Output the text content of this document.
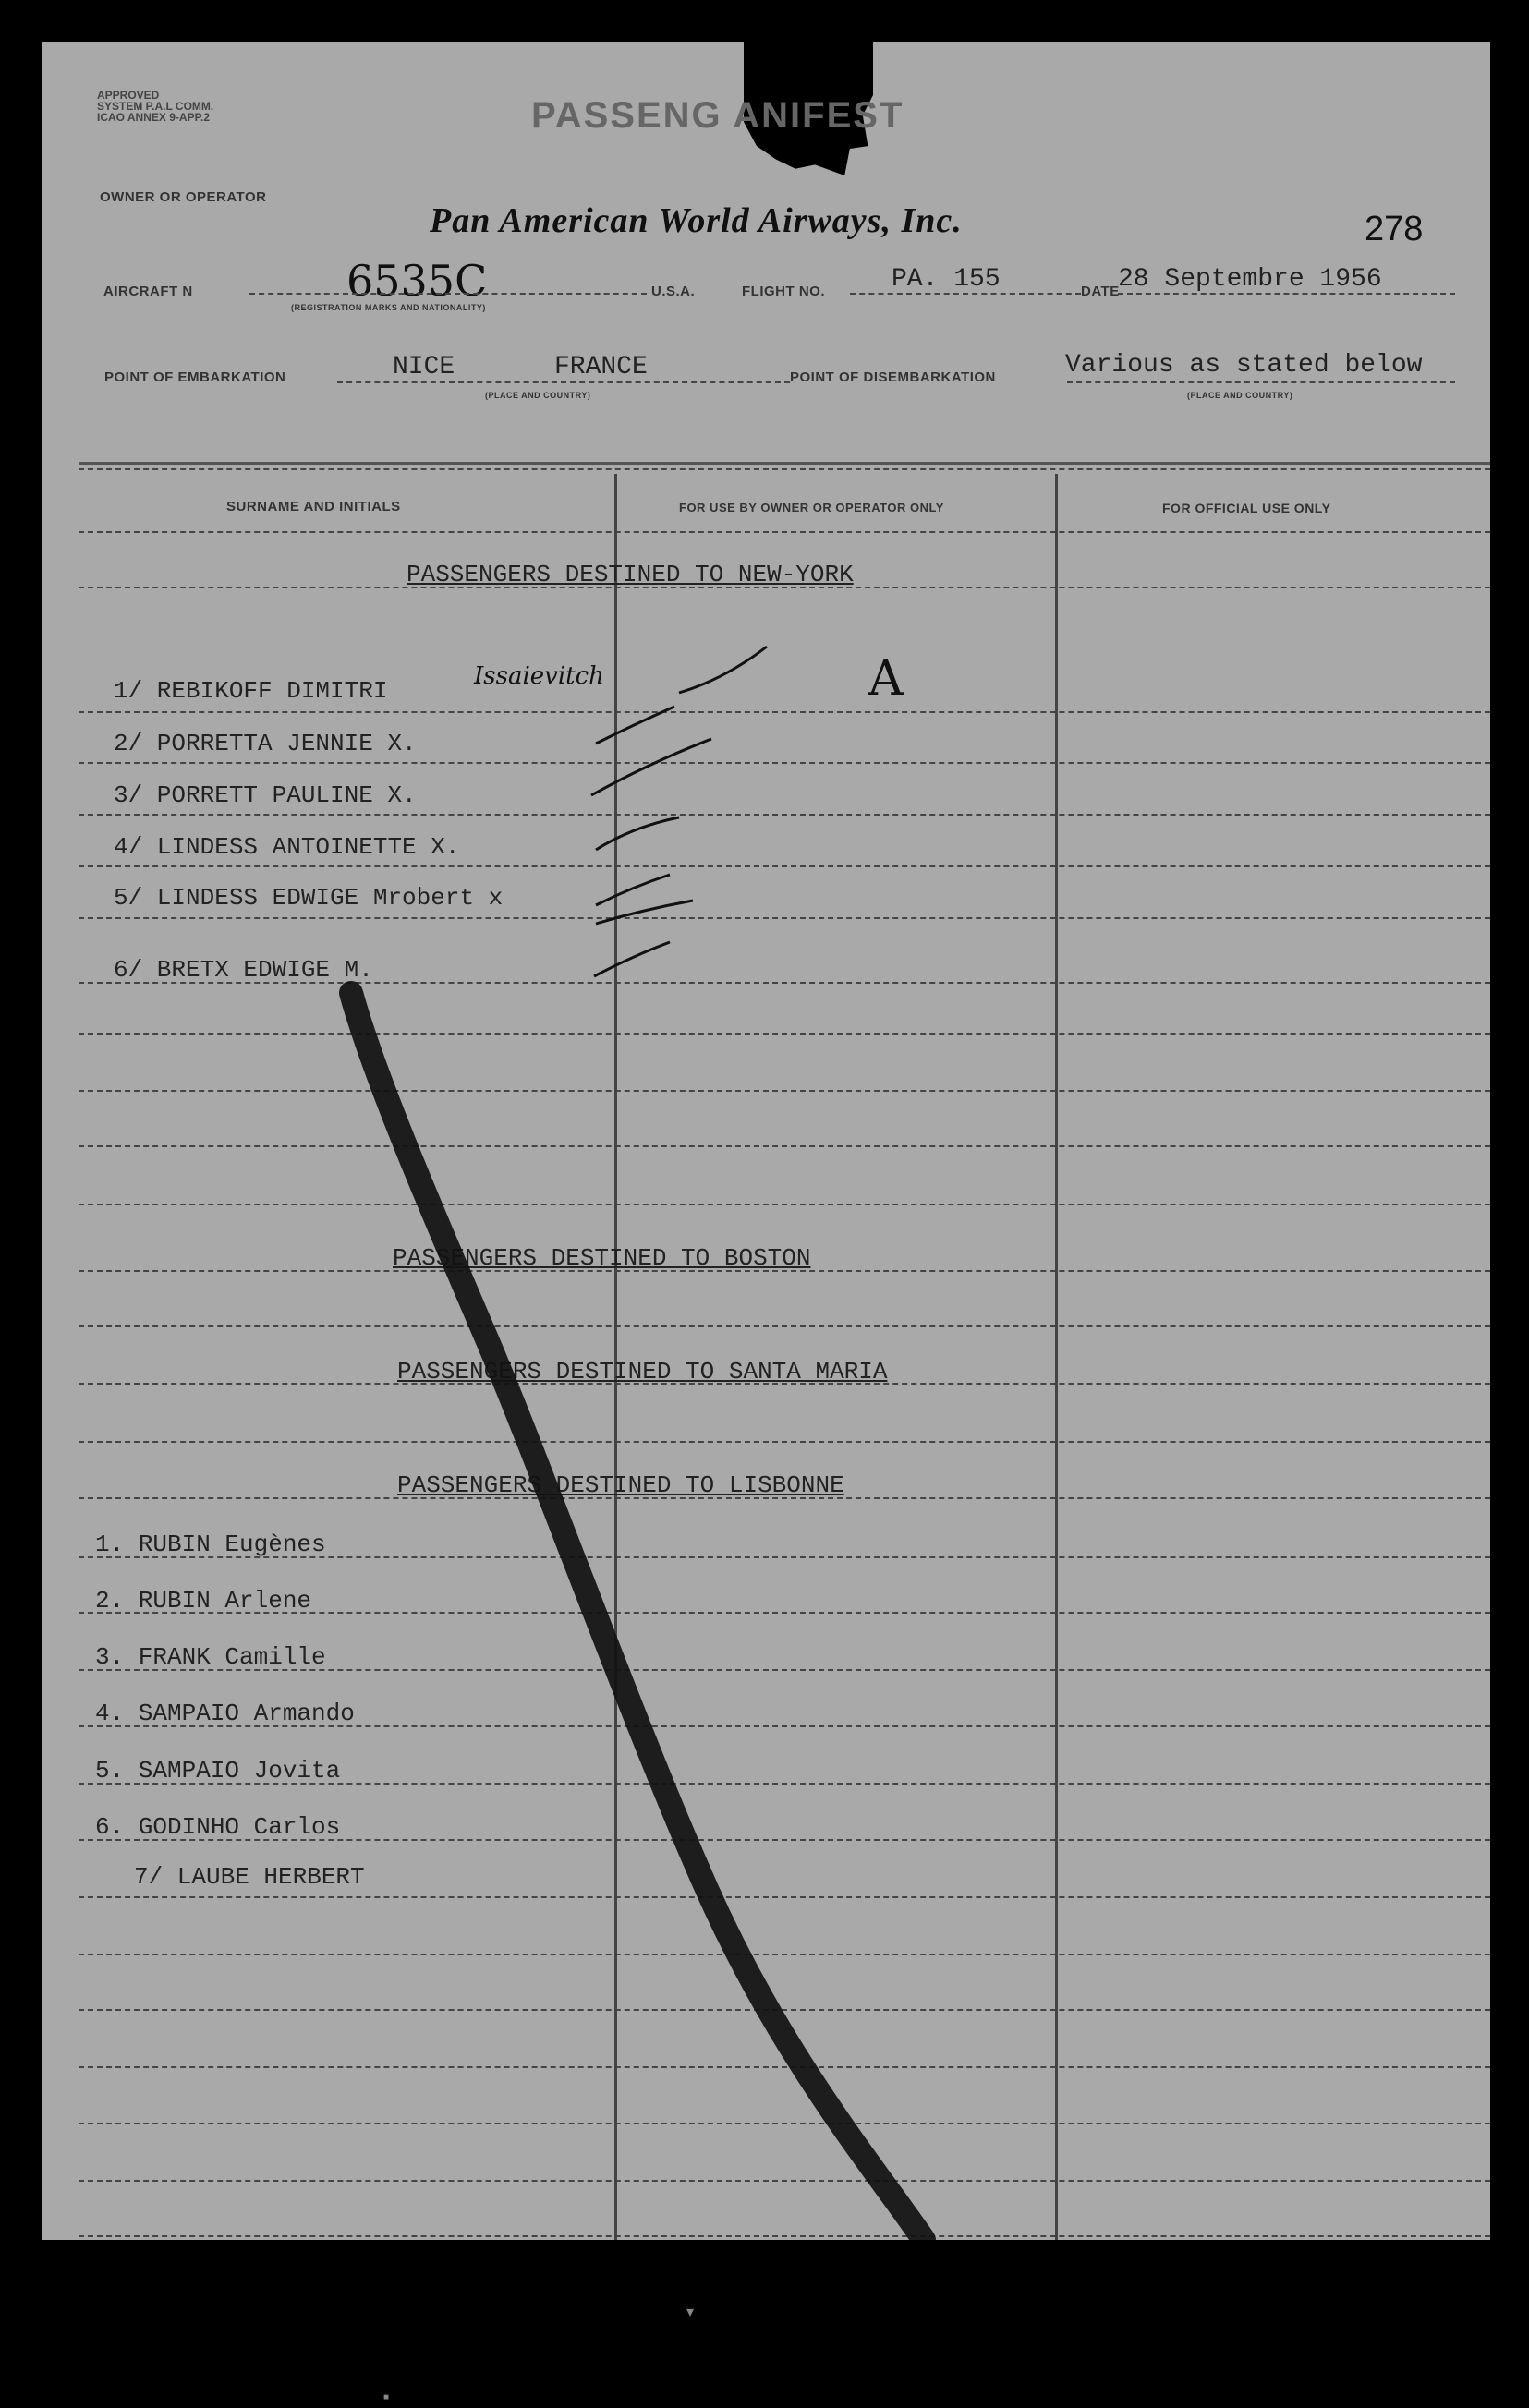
APPROVED
SYSTEM P.A.L COMM.
ICAO ANNEX 9-APP.2	PASSENG ANIFEST
OWNER OR OPERATOR
Pan American World Airways, Inc.	278
AIRCRAFT N	6535C
(REGISTRATION MARKS AND NATIONALITY)
U.S.A.	FLIGHT NO.	PA. 155	DATE
28 Septembre 1956
POINT OF EMBARKATION	NICE	FRANCE
(PLACE AND COUNTRY)
POINT OF DISEMBARKATION	Various as stated below
(PLACE AND COUNTRY)
SURNAME AND INITIALS	FOR USE BY OWNER OR OPERATOR ONLY	FOR OFFICIAL USE ONLY
PASSENGERS DESTINED TO NEW-YORK
1/ REBIKOFF DIMITRI
2/ PORRETTA JENNIE X.
3/ PORRETT PAULINE X.
4/ LINDESS ANTOINETTE X.
5/ LINDESS EDWIGE Mrobert x
6/ BRETX EDWIGE M.
Issaievitch	A
PASSENGERS DESTINED TO BOSTON
PASSENGERS DESTINED TO SANTA MARIA
PASSENGERS DESTINED TO LISBONNE
1. RUBIN Eugènes
2. RUBIN Arlene
3. FRANK Camille
4. SAMPAIO Armando
5. SAMPAIO Jovita
6. GODINHO Carlos
7/ LAUBE HERBERT
▾
■
